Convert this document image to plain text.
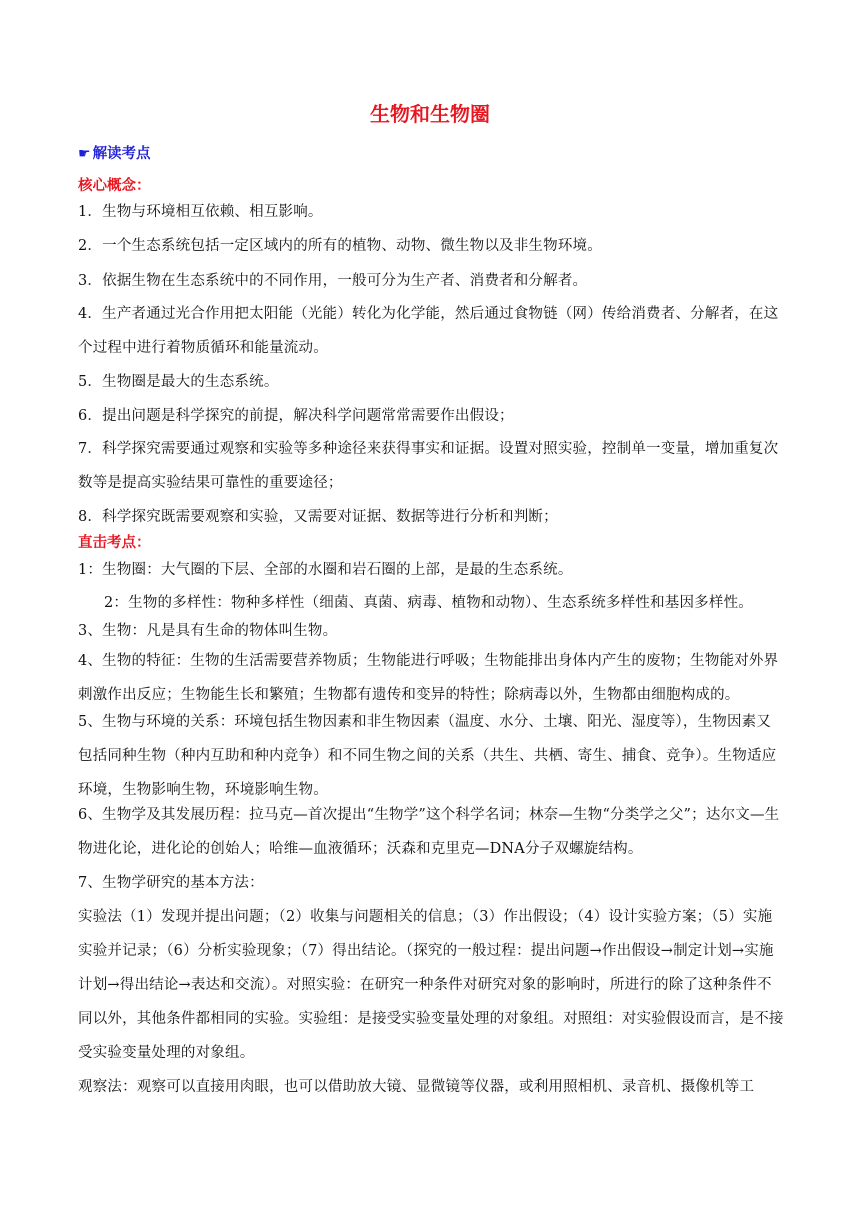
生物和生物圈
☛ 解读考点
核心概念：
1．生物与环境相互依赖、相互影响。
2．一个生态系统包括一定区域内的所有的植物、动物、微生物以及非生物环境。
3．依据生物在生态系统中的不同作用，一般可分为生产者、消费者和分解者。
4．生产者通过光合作用把太阳能（光能）转化为化学能，然后通过食物链（网）传给消费者、分解者，在这个过程中进行着物质循环和能量流动。
5．生物圈是最大的生态系统。
6．提出问题是科学探究的前提，解决科学问题常常需要作出假设；
7．科学探究需要通过观察和实验等多种途径来获得事实和证据。设置对照实验，控制单一变量，增加重复次数等是提高实验结果可靠性的重要途径；
8．科学探究既需要观察和实验，又需要对证据、数据等进行分析和判断；
直击考点：
1：生物圈：大气圈的下层、全部的水圈和岩石圈的上部，是最的生态系统。
2：生物的多样性：物种多样性（细菌、真菌、病毒、植物和动物）、生态系统多样性和基因多样性。
3、生物：凡是具有生命的物体叫生物。
4、生物的特征：生物的生活需要营养物质；生物能进行呼吸；生物能排出身体内产生的废物；生物能对外界刺激作出反应；生物能生长和繁殖；生物都有遗传和变异的特性；除病毒以外，生物都由细胞构成的。
5、生物与环境的关系：环境包括生物因素和非生物因素（温度、水分、土壤、阳光、湿度等），生物因素又包括同种生物（种内互助和种内竞争）和不同生物之间的关系（共生、共栖、寄生、捕食、竞争）。生物适应环境，生物影响生物，环境影响生物。
6、生物学及其发展历程：拉马克—首次提出“生物学”这个科学名词；林奈—生物“分类学之父”；达尔文—生物进化论，进化论的创始人；哈维—血液循环；沃森和克里克—DNA分子双螺旋结构。
7、生物学研究的基本方法：
实验法（1）发现并提出问题；（2）收集与问题相关的信息；（3）作出假设；（4）设计实验方案；（5）实施实验并记录；（6）分析实验现象；（7）得出结论。（探究的一般过程：提出问题→作出假设→制定计划→实施计划→得出结论→表达和交流）。对照实验：在研究一种条件对研究对象的影响时，所进行的除了这种条件不同以外，其他条件都相同的实验。实验组：是接受实验变量处理的对象组。对照组：对实验假设而言，是不接受实验变量处理的对象组。
观察法：观察可以直接用肉眼，也可以借助放大镜、显微镜等仪器，或利用照相机、录音机、摄像机等工
